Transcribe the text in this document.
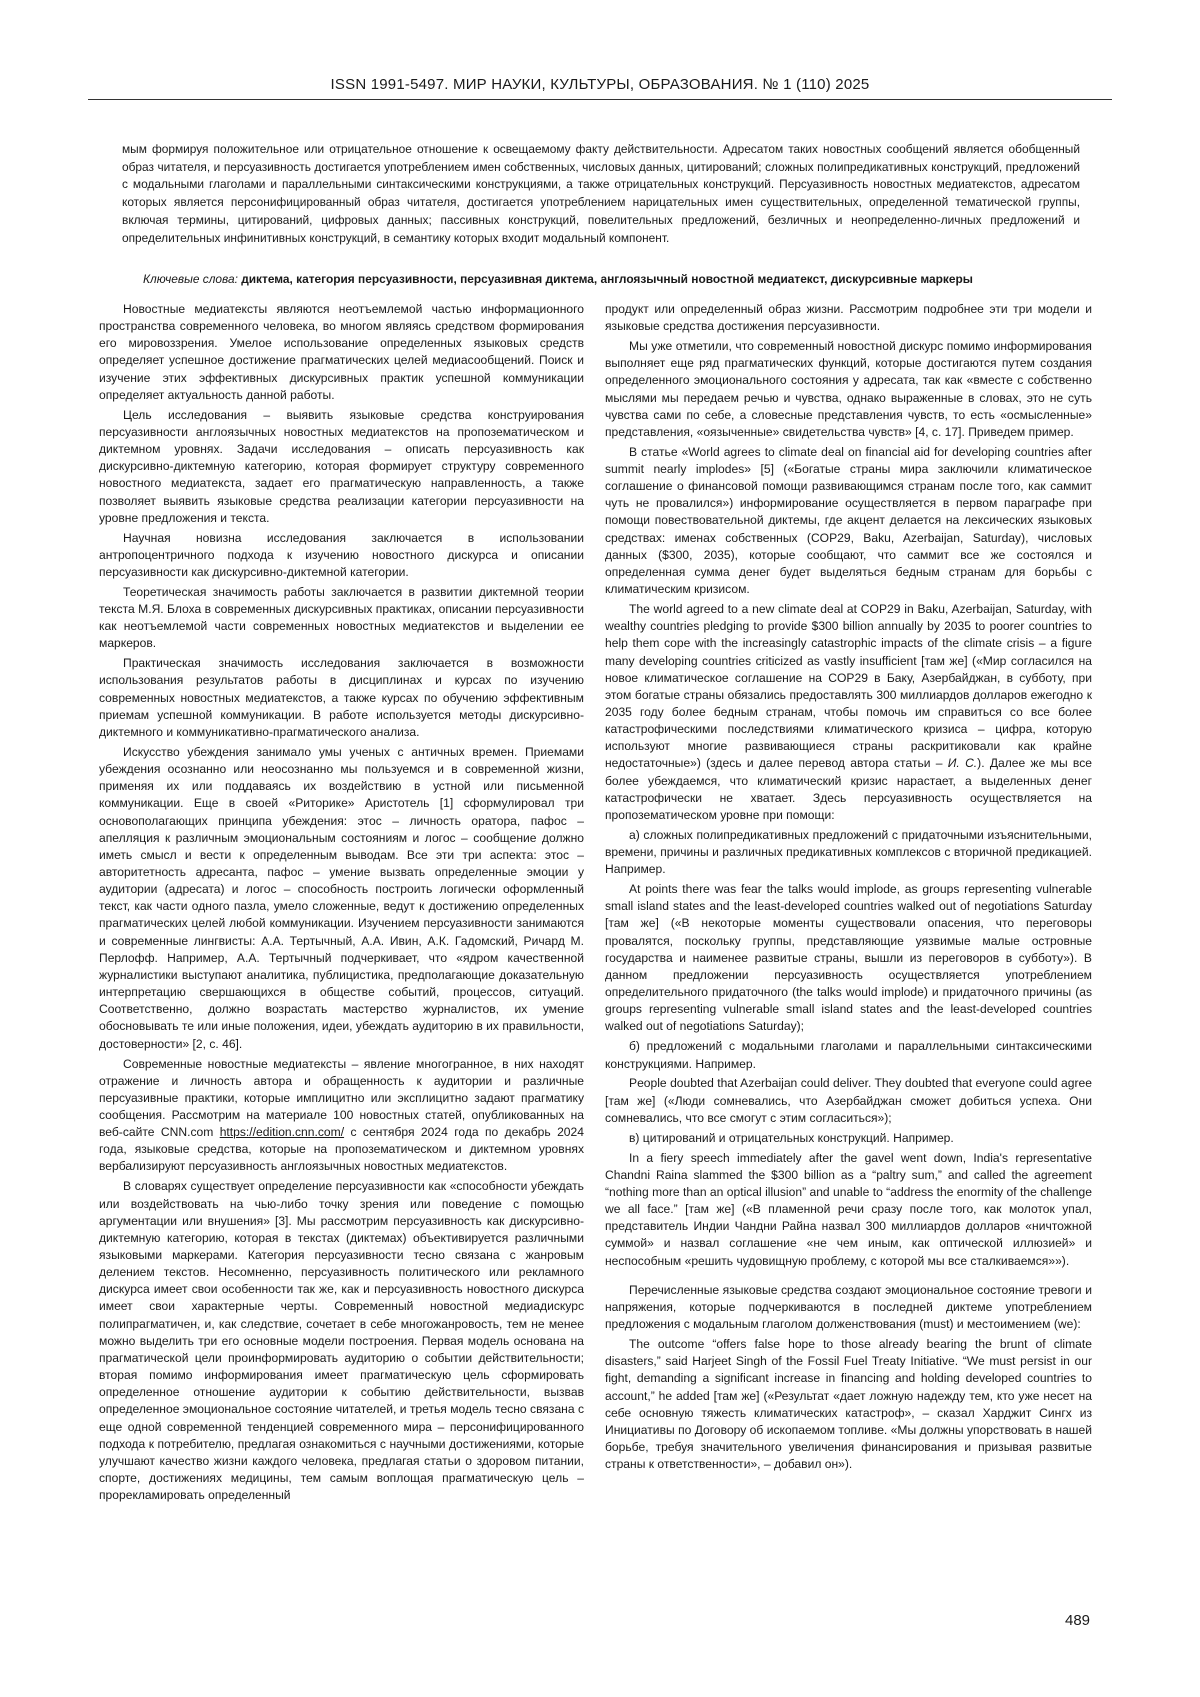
ISSN 1991-5497. МИР НАУКИ, КУЛЬТУРЫ, ОБРАЗОВАНИЯ. № 1 (110) 2025

мым формируя положительное или отрицательное отношение к освещаемому факту действительности. Адресатом таких новостных сообщений является обобщенный образ читателя, и персуазивность достигается употреблением имен собственных, числовых данных, цитирований; сложных полипредикативных конструкций, предложений с модальными глаголами и параллельными синтаксическими конструкциями, а также отрицательных конструкций. Персуазивность новостных медиатекстов, адресатом которых является персонифицированный образ читателя, достигается употреблением нарицательных имен существительных, определенной тематической группы, включая термины, цитирований, цифровых данных; пассивных конструкций, повелительных предложений, безличных и неопределенно-личных предложений и определительных инфинитивных конструкций, в семантику которых входит модальный компонент.

Ключевые слова: диктема, категория персуазивности, персуазивная диктема, англоязычный новостной медиатекст, дискурсивные маркеры

Новостные медиатексты являются неотъемлемой частью информационного пространства современного человека, во многом являясь средством формирования его мировоззрения. Умелое использование определенных языковых средств определяет успешное достижение прагматических целей медиасообщений. Поиск и изучение этих эффективных дискурсивных практик успешной коммуникации определяет актуальность данной работы.

Цель исследования – выявить языковые средства конструирования персуазивности англоязычных новостных медиатекстов на пропозематическом и диктемном уровнях. Задачи исследования – описать персуазивность как дискурсивно-диктемную категорию, которая формирует структуру современного новостного медиатекста, задает его прагматическую направленность, а также позволяет выявить языковые средства реализации категории персуазивности на уровне предложения и текста.

Научная новизна исследования заключается в использовании антропоцентричного подхода к изучению новостного дискурса и описании персуазивности как дискурсивно-диктемной категории.

Теоретическая значимость работы заключается в развитии диктемной теории текста М.Я. Блоха в современных дискурсивных практиках, описании персуазивности как неотъемлемой части современных новостных медиатекстов и выделении ее маркеров.

Практическая значимость исследования заключается в возможности использования результатов работы в дисциплинах и курсах по изучению современных новостных медиатекстов, а также курсах по обучению эффективным приемам успешной коммуникации. В работе используется методы дискурсивно-диктемного и коммуникативно-прагматического анализа.

Искусство убеждения занимало умы ученых с античных времен. Приемами убеждения осознанно или неосознанно мы пользуемся и в современной жизни, применяя их или поддаваясь их воздействию в устной или письменной коммуникации. Еще в своей «Риторике» Аристотель [1] сформулировал три основополагающих принципа убеждения: этос – личность оратора, пафос – апелляция к различным эмоциональным состояниям и логос – сообщение должно иметь смысл и вести к определенным выводам. Все эти три аспекта: этос – авторитетность адресанта, пафос – умение вызвать определенные эмоции у аудитории (адресата) и логос – способность построить логически оформленный текст, как части одного пазла, умело сложенные, ведут к достижению определенных прагматических целей любой коммуникации. Изучением персуазивности занимаются и современные лингвисты: А.А. Тертычный, А.А. Ивин, А.К. Гадомский, Ричард М. Перлофф. Например, А.А. Тертычный подчеркивает, что «ядром качественной журналистики выступают аналитика, публицистика, предполагающие доказательную интерпретацию свершающихся в обществе событий, процессов, ситуаций. Соответственно, должно возрастать мастерство журналистов, их умение обосновывать те или иные положения, идеи, убеждать аудиторию в их правильности, достоверности» [2, с. 46].

Современные новостные медиатексты – явление многогранное, в них находят отражение и личность автора и обращенность к аудитории и различные персуазивные практики, которые имплицитно или эксплицитно задают прагматику сообщения. Рассмотрим на материале 100 новостных статей, опубликованных на веб-сайте CNN.com https://edition.cnn.com/ с сентября 2024 года по декабрь 2024 года, языковые средства, которые на пропозематическом и диктемном уровнях вербализируют персуазивность англоязычных новостных медиатекстов.

В словарях существует определение персуазивности как «способности убеждать или воздействовать на чью-либо точку зрения или поведение с помощью аргументации или внушения» [3]. Мы рассмотрим персуазивность как дискурсивно-диктемную категорию, которая в текстах (диктемах) объективируется различными языковыми маркерами. Категория персуазивности тесно связана с жанровым делением текстов. Несомненно, персуазивность политического или рекламного дискурса имеет свои особенности так же, как и персуазивность новостного дискурса имеет свои характерные черты. Современный новостной медиадискурс полипрагматичен, и, как следствие, сочетает в себе многожанровость, тем не менее можно выделить три его основные модели построения. Первая модель основана на прагматической цели проинформировать аудиторию о событии действительности; вторая помимо информирования имеет прагматическую цель сформировать определенное отношение аудитории к событию действительности, вызвав определенное эмоциональное состояние читателей, и третья модель тесно связана с еще одной современной тенденцией современного мира – персонифицированного подхода к потребителю, предлагая ознакомиться с научными достижениями, которые улучшают качество жизни каждого человека, предлагая статьи о здоровом питании, спорте, достижениях медицины, тем самым воплощая прагматическую цель – прорекламировать определенный

продукт или определенный образ жизни. Рассмотрим подробнее эти три модели и языковые средства достижения персуазивности.

Мы уже отметили, что современный новостной дискурс помимо информирования выполняет еще ряд прагматических функций, которые достигаются путем создания определенного эмоционального состояния у адресата, так как «вместе с собственно мыслями мы передаем речью и чувства, однако выраженные в словах, это не суть чувства сами по себе, а словесные представления чувств, то есть «осмысленные» представления, «оязыченные» свидетельства чувств» [4, с. 17]. Приведем пример.

В статье «World agrees to climate deal on financial aid for developing countries after summit nearly implodes» [5] («Богатые страны мира заключили климатическое соглашение о финансовой помощи развивающимся странам после того, как саммит чуть не провалился») информирование осуществляется в первом параграфе при помощи повествовательной диктемы, где акцент делается на лексических языковых средствах: именах собственных (COP29, Baku, Azerbaijan, Saturday), числовых данных ($300, 2035), которые сообщают, что саммит все же состоялся и определенная сумма денег будет выделяться бедным странам для борьбы с климатическим кризисом.

The world agreed to a new climate deal at COP29 in Baku, Azerbaijan, Saturday, with wealthy countries pledging to provide $300 billion annually by 2035 to poorer countries to help them cope with the increasingly catastrophic impacts of the climate crisis – a figure many developing countries criticized as vastly insufficient [там же] («Мир согласился на новое климатическое соглашение на COP29 в Баку, Азербайджан, в субботу, при этом богатые страны обязались предоставлять 300 миллиардов долларов ежегодно к 2035 году более бедным странам, чтобы помочь им справиться со все более катастрофическими последствиями климатического кризиса – цифра, которую используют многие развивающиеся страны раскритиковали как крайне недостаточные») (здесь и далее перевод автора статьи – И. С.). Далее же мы все более убеждаемся, что климатический кризис нарастает, а выделенных денег катастрофически не хватает. Здесь персуазивность осуществляется на пропозематическом уровне при помощи:

а) сложных полипредикативных предложений с придаточными изъяснительными, времени, причины и различных предикативных комплексов с вторичной предикацией. Например.

At points there was fear the talks would implode, as groups representing vulnerable small island states and the least-developed countries walked out of negotiations Saturday [там же] («В некоторые моменты существовали опасения, что переговоры провалятся, поскольку группы, представляющие уязвимые малые островные государства и наименее развитые страны, вышли из переговоров в субботу»). В данном предложении персуазивность осуществляется употреблением определительного придаточного (the talks would implode) и придаточного причины (as groups representing vulnerable small island states and the least-developed countries walked out of negotiations Saturday);

б) предложений с модальными глаголами и параллельными синтаксическими конструкциями. Например.

People doubted that Azerbaijan could deliver. They doubted that everyone could agree [там же] («Люди сомневались, что Азербайджан сможет добиться успеха. Они сомневались, что все смогут с этим согласиться»);

в) цитирований и отрицательных конструкций. Например.

In a fiery speech immediately after the gavel went down, India's representative Chandni Raina slammed the $300 billion as a “paltry sum,” and called the agreement “nothing more than an optical illusion” and unable to “address the enormity of the challenge we all face.” [там же] («В пламенной речи сразу после того, как молоток упал, представитель Индии Чандни Райна назвал 300 миллиардов долларов «ничтожной суммой» и назвал соглашение «не чем иным, как оптической иллюзией» и неспособным «решить чудовищную проблему, с которой мы все сталкиваемся»»).

Перечисленные языковые средства создают эмоциональное состояние тревоги и напряжения, которые подчеркиваются в последней диктеме употреблением предложения с модальным глаголом долженствования (must) и местоимением (we):

The outcome “offers false hope to those already bearing the brunt of climate disasters,” said Harjeet Singh of the Fossil Fuel Treaty Initiative. “We must persist in our fight, demanding a significant increase in financing and holding developed countries to account,” he added [там же] («Результат «дает ложную надежду тем, кто уже несет на себе основную тяжесть климатических катастроф», – сказал Харджит Сингх из Инициативы по Договору об ископаемом топливе. «Мы должны упорствовать в нашей борьбе, требуя значительного увеличения финансирования и призывая развитые страны к ответственности», – добавил он»).

489
